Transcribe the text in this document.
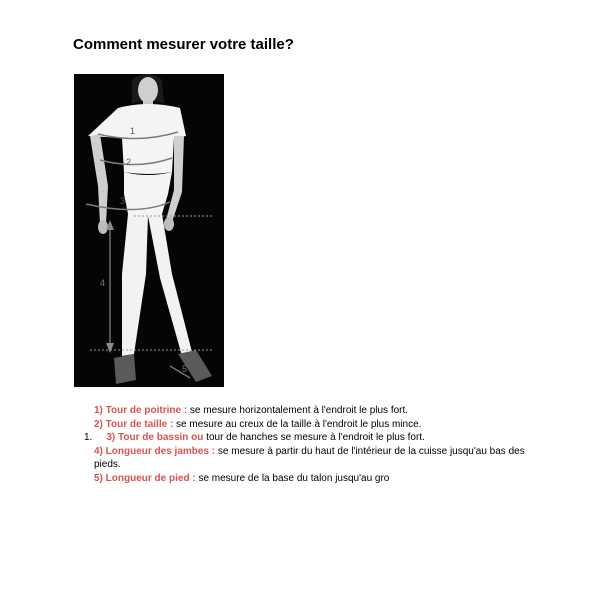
Comment mesurer votre taille?
1
2
3
4
5
1) Tour de poitrine : se mesure horizontalement à l'endroit le plus fort.
2) Tour de taille : se mesure au creux de la taille à l'endroit le plus mince.
1. 3) Tour de bassin ou tour de hanches se mesure à l'endroit le plus fort.
4) Longueur des jambes : se mesure à partir du haut de l'intérieur de la cuisse jusqu'au bas des pieds.
5) Longueur de pied : se mesure de la base du talon jusqu'au gro
